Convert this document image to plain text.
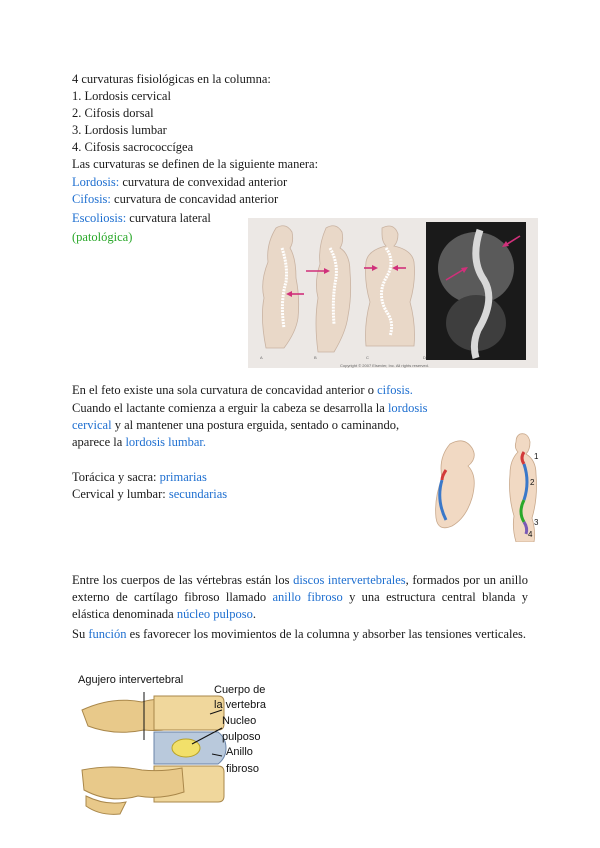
4 curvaturas fisiológicas en la columna:
1. Lordosis cervical
2. Cifosis dorsal
3. Lordosis lumbar
4. Cifosis sacrococcígea
Las curvaturas se definen de la siguiente manera:
Lordosis: curvatura de convexidad anterior
Cifosis: curvatura de concavidad anterior
Escoliosis: curvatura lateral
(patológica)
A	B	C	D
Copyright © 2007 Elsevier, Inc. All rights reserved.
En el feto existe una sola curvatura de concavidad anterior o cifosis.
Cuando el lactante comienza a erguir la cabeza se desarrolla la lordosis
cervical y al mantener una postura erguida, sentado o caminando,
aparece la lordosis lumbar.
Torácica y sacra: primarias
Cervical y lumbar: secundarias
1
2
3
4
Entre los cuerpos de las vértebras están los discos intervertebrales, formados por un anillo externo de cartílago fibroso llamado anillo fibroso y una estructura central blanda y elástica denominada núcleo pulposo.
Su función es favorecer los movimientos de la columna y absorber las tensiones verticales.
Agujero intervertebral
Cuerpo de
la vertebra
Nucleo
pulposo
Anillo
fibroso
